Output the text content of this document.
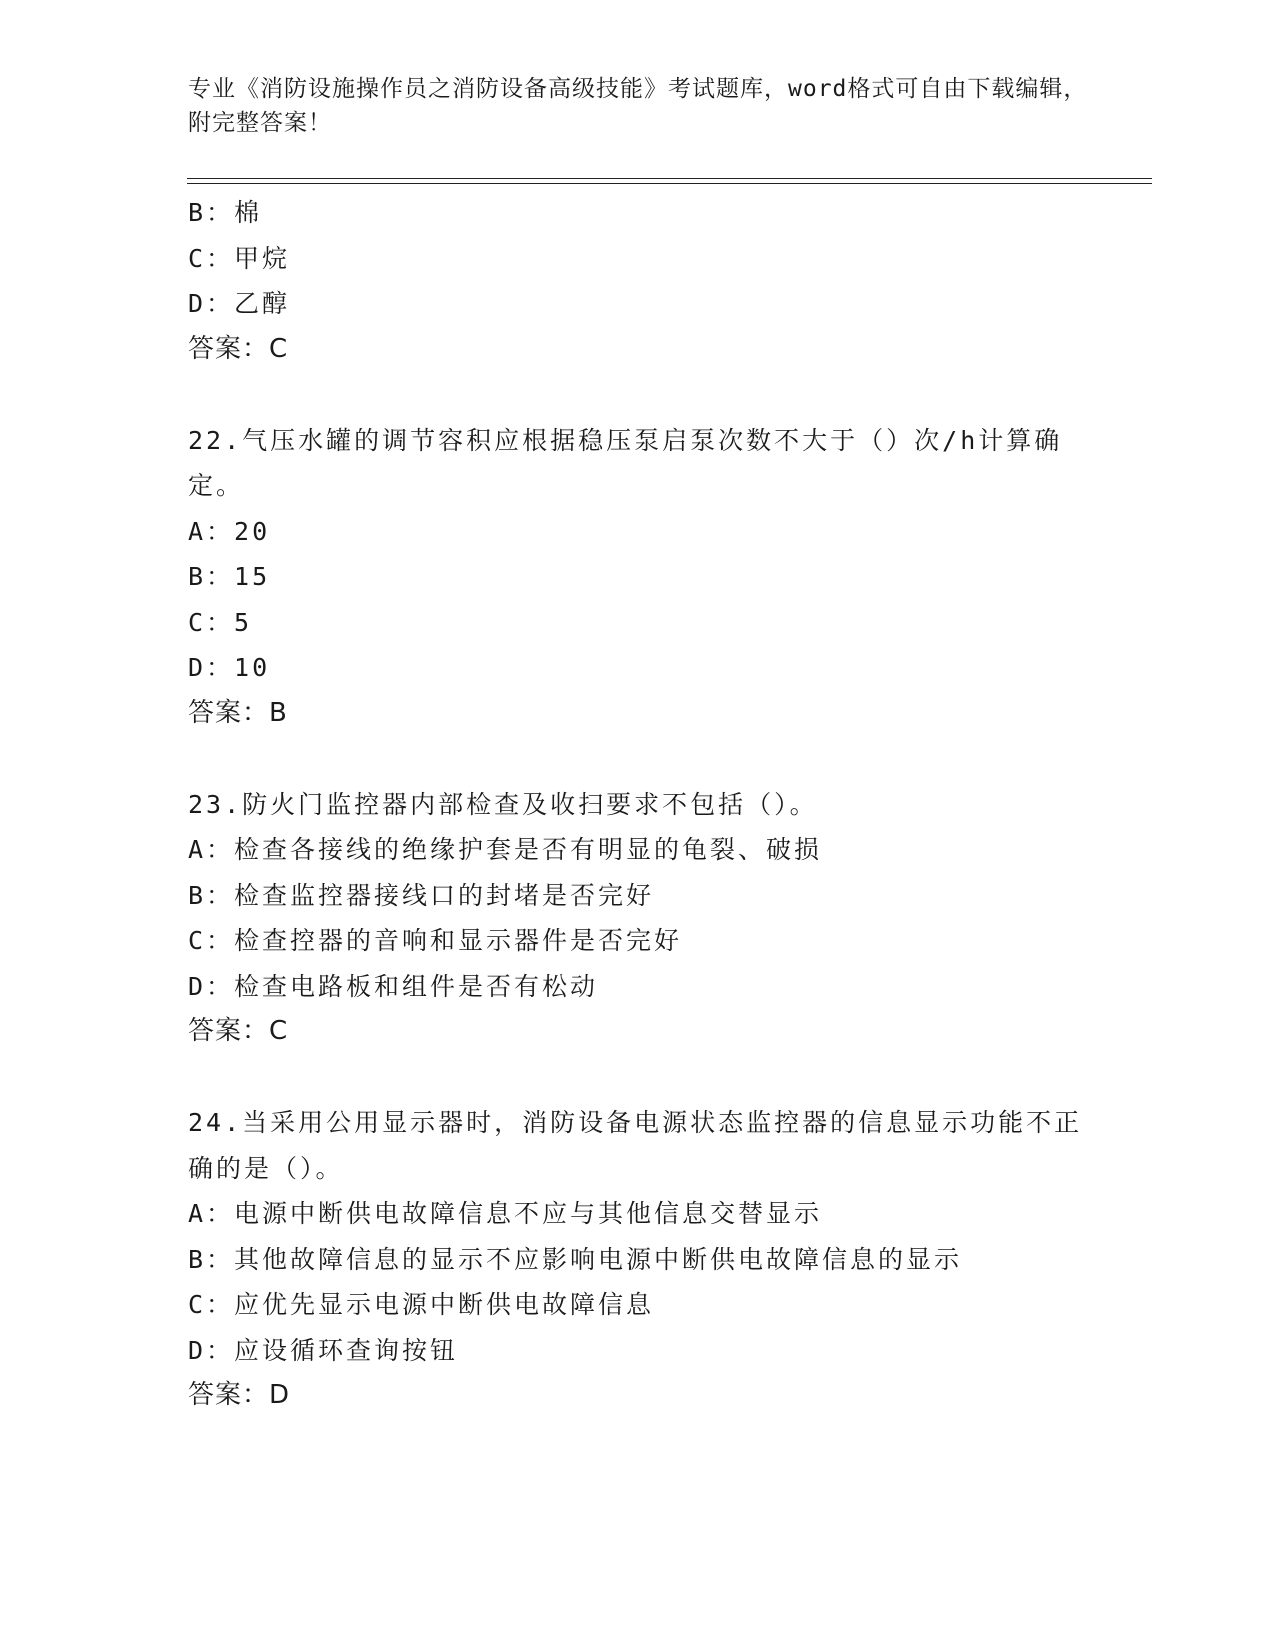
专业《消防设施操作员之消防设备高级技能》考试题库，word格式可自由下载编辑，附完整答案！
B：棉
C：甲烷
D：乙醇
答案：C
22.气压水罐的调节容积应根据稳压泵启泵次数不大于（）次/h计算确定。
A：20
B：15
C：5
D：10
答案：B
23.防火门监控器内部检查及收扫要求不包括（）。
A：检查各接线的绝缘护套是否有明显的龟裂、破损
B：检查监控器接线口的封堵是否完好
C：检查控器的音响和显示器件是否完好
D：检查电路板和组件是否有松动
答案：C
24.当采用公用显示器时，消防设备电源状态监控器的信息显示功能不正确的是（）。
A：电源中断供电故障信息不应与其他信息交替显示
B：其他故障信息的显示不应影响电源中断供电故障信息的显示
C：应优先显示电源中断供电故障信息
D：应设循环查询按钮
答案：D
